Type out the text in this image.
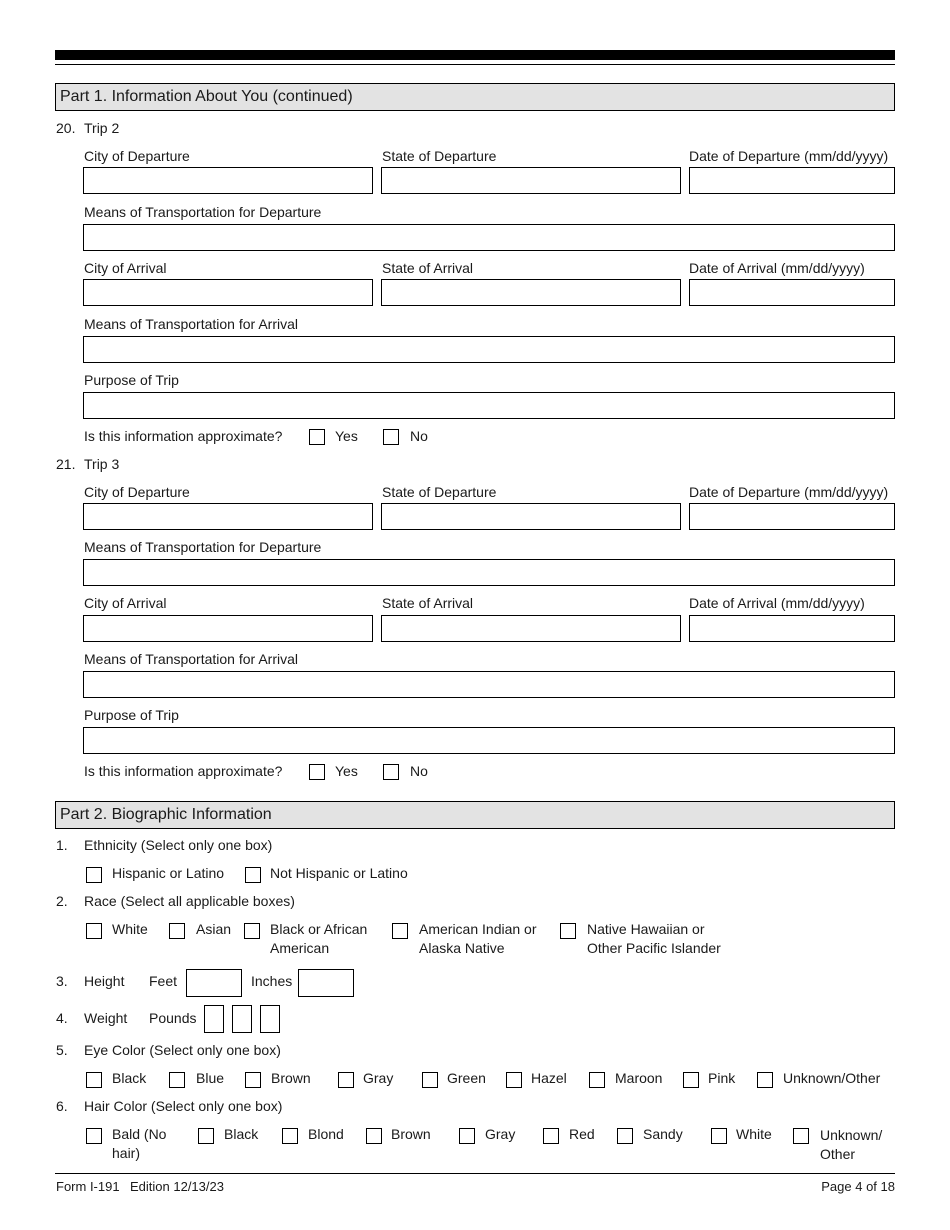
Part 1. Information About You (continued)
20. Trip 2
City of Departure	State of Departure	Date of Departure (mm/dd/yyyy)
Means of Transportation for Departure
City of Arrival	State of Arrival	Date of Arrival (mm/dd/yyyy)
Means of Transportation for Arrival
Purpose of Trip
Is this information approximate?	Yes	No
21. Trip 3
City of Departure	State of Departure	Date of Departure (mm/dd/yyyy)
Means of Transportation for Departure
City of Arrival	State of Arrival	Date of Arrival (mm/dd/yyyy)
Means of Transportation for Arrival
Purpose of Trip
Is this information approximate?	Yes	No
Part 2. Biographic Information
1. Ethnicity (Select only one box)
Hispanic or Latino	Not Hispanic or Latino
2. Race (Select all applicable boxes)
White	Asian	Black or African
American
American Indian or
Alaska Native
Native Hawaiian or
Other Pacific Islander
3. Height Feet	Inches
4. Weight Pounds
5. Eye Color (Select only one box)
Black	Blue	Brown	Gray	Green	Hazel	Maroon	Pink	Unknown/Other
6. Hair Color (Select only one box)
Bald (No
hair)
Black	Blond	Brown	Gray	Red	Sandy	White	Unknown/
Other
Form I-191 Edition 12/13/23	Page 4 of 18
